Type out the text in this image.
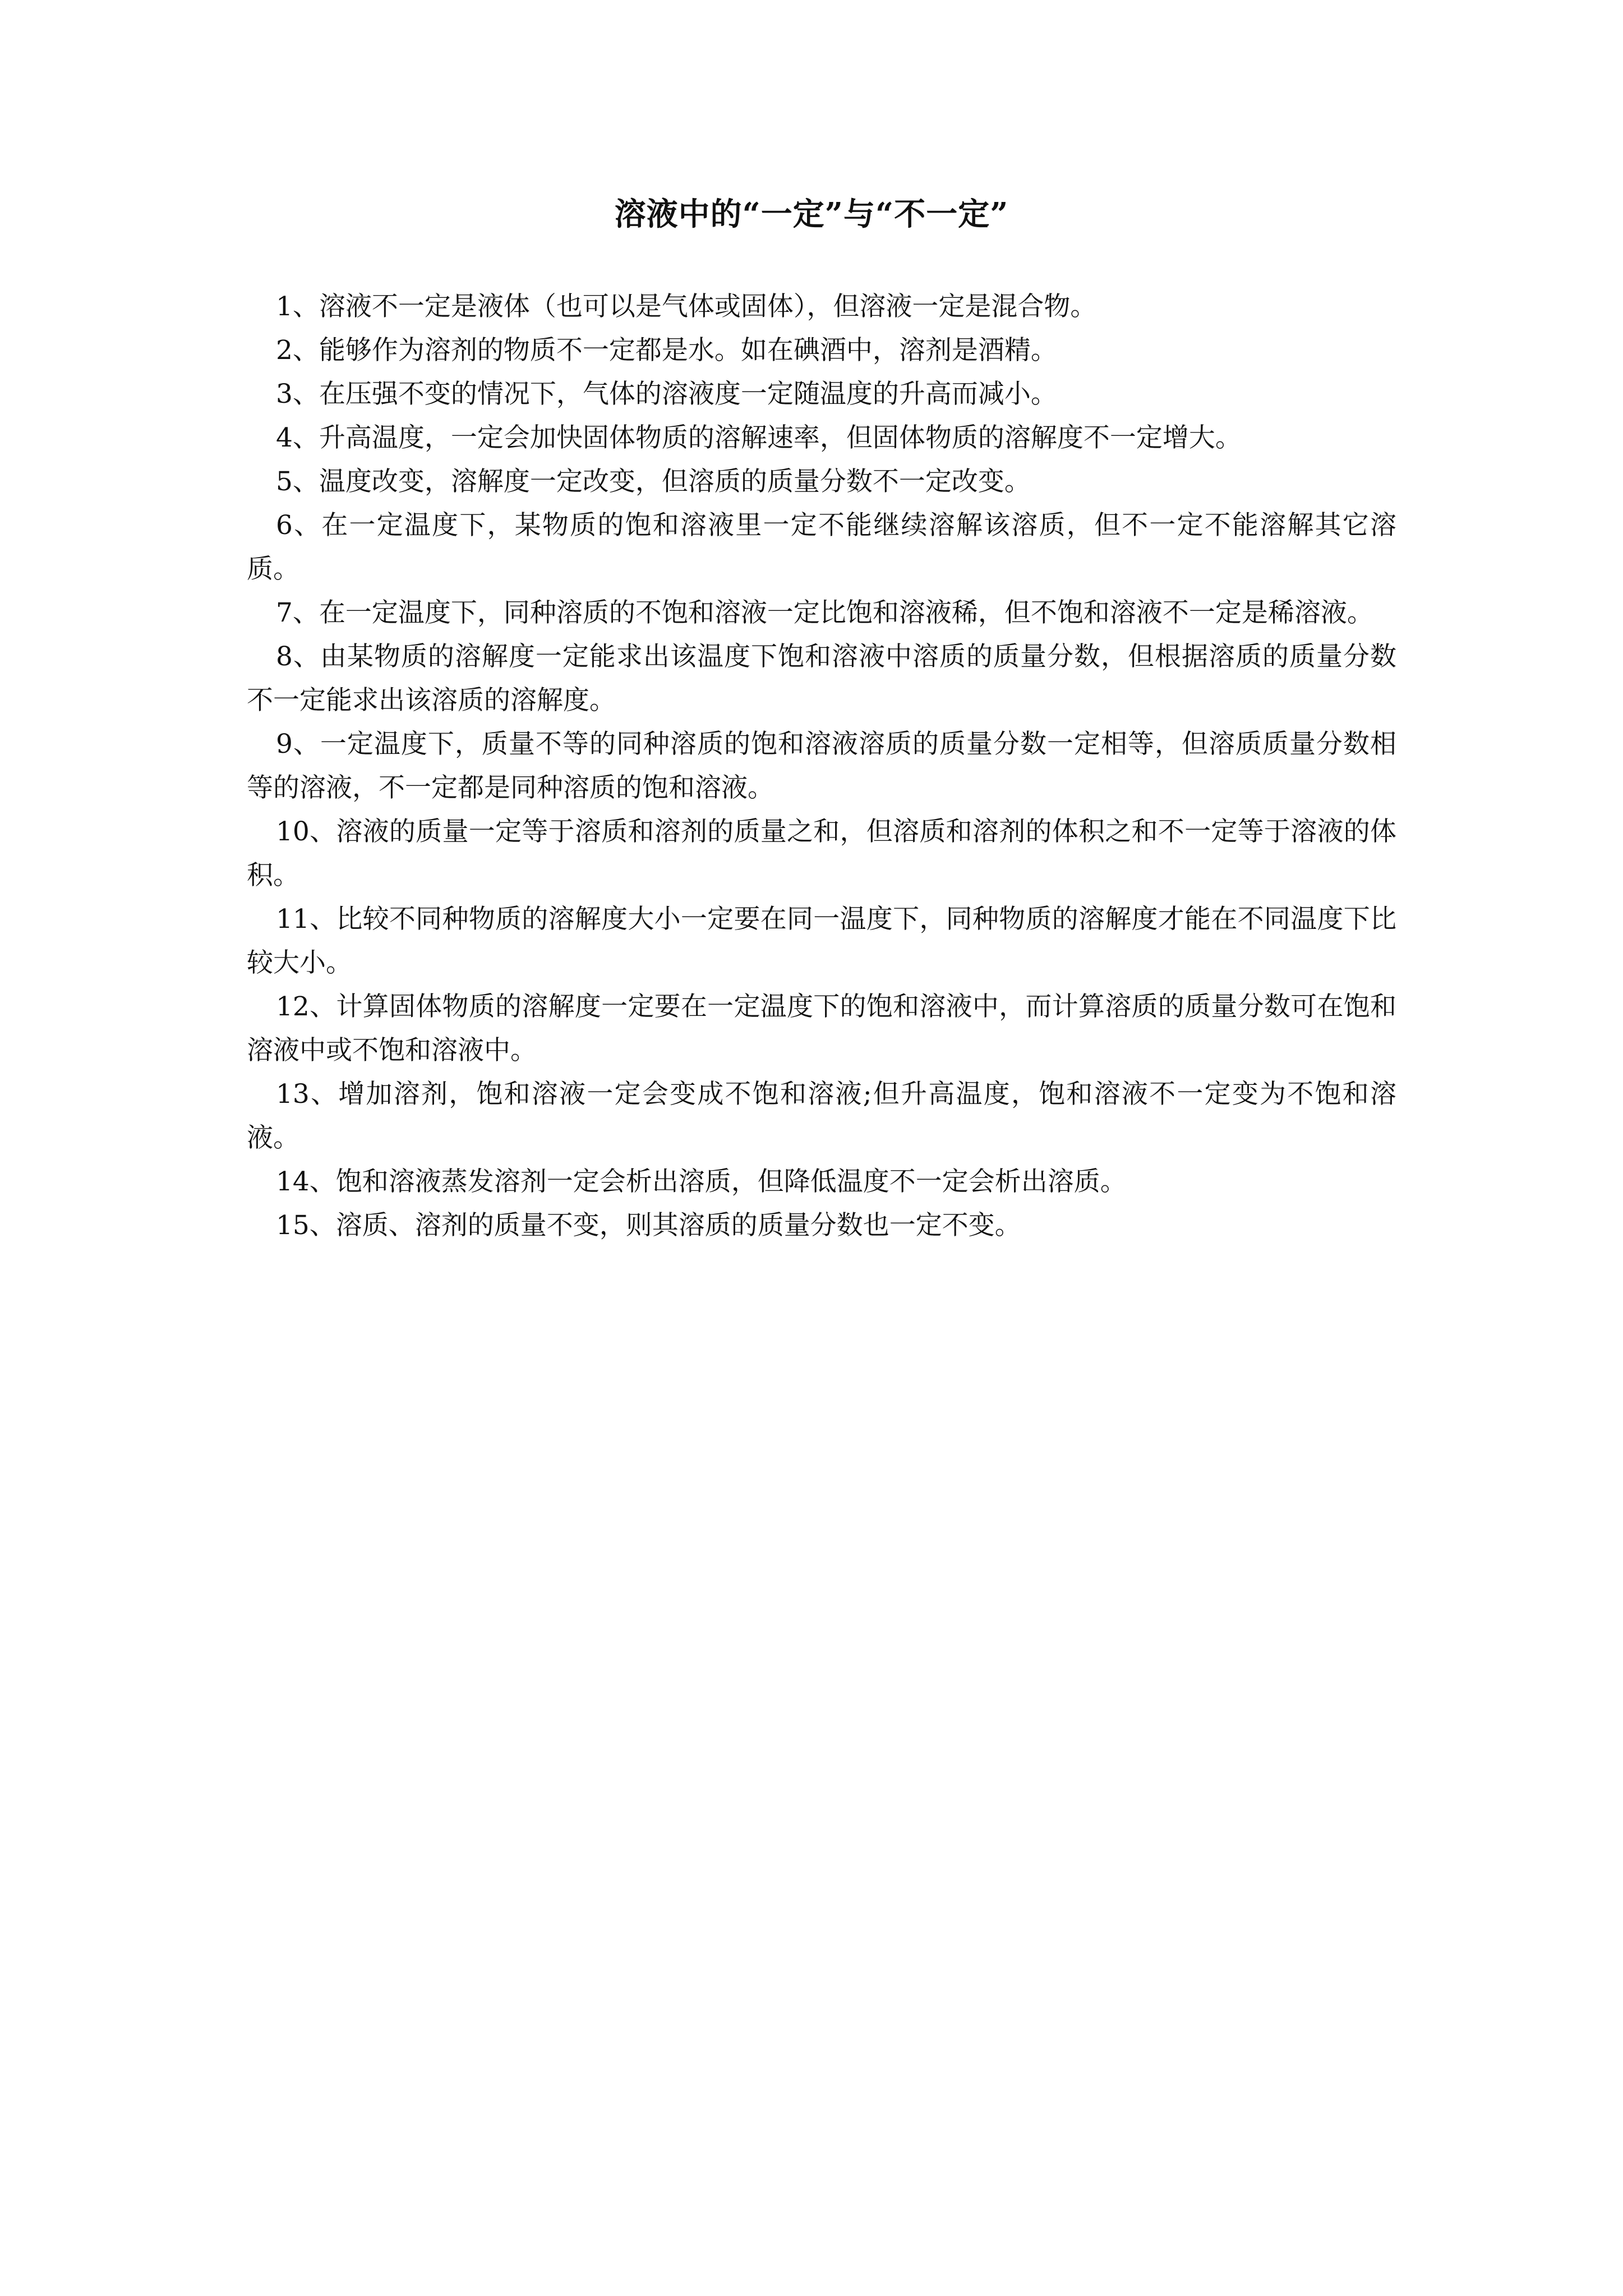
溶液中的“一定”与“不一定”

1、溶液不一定是液体（也可以是气体或固体），但溶液一定是混合物。

2、能够作为溶剂的物质不一定都是水。如在碘酒中，溶剂是酒精。

3、在压强不变的情况下，气体的溶液度一定随温度的升高而减小。

4、升高温度，一定会加快固体物质的溶解速率，但固体物质的溶解度不一定增大。

5、温度改变，溶解度一定改变，但溶质的质量分数不一定改变。

6、在一定温度下，某物质的饱和溶液里一定不能继续溶解该溶质，但不一定不能溶解其它溶质。

7、在一定温度下，同种溶质的不饱和溶液一定比饱和溶液稀，但不饱和溶液不一定是稀溶液。

8、由某物质的溶解度一定能求出该温度下饱和溶液中溶质的质量分数，但根据溶质的质量分数不一定能求出该溶质的溶解度。

9、一定温度下，质量不等的同种溶质的饱和溶液溶质的质量分数一定相等，但溶质质量分数相等的溶液，不一定都是同种溶质的饱和溶液。

10、溶液的质量一定等于溶质和溶剂的质量之和，但溶质和溶剂的体积之和不一定等于溶液的体积。

11、比较不同种物质的溶解度大小一定要在同一温度下，同种物质的溶解度才能在不同温度下比较大小。

12、计算固体物质的溶解度一定要在一定温度下的饱和溶液中，而计算溶质的质量分数可在饱和溶液中或不饱和溶液中。

13、增加溶剂，饱和溶液一定会变成不饱和溶液;但升高温度，饱和溶液不一定变为不饱和溶液。

14、饱和溶液蒸发溶剂一定会析出溶质，但降低温度不一定会析出溶质。

15、溶质、溶剂的质量不变，则其溶质的质量分数也一定不变。
